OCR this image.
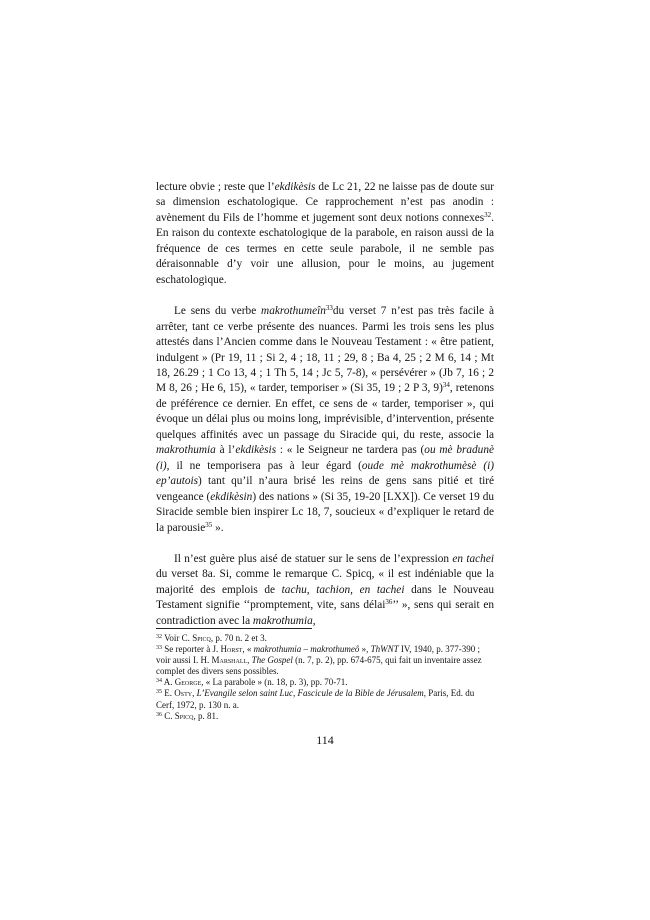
lecture obvie ; reste que l’ekdikèsis de Lc 21, 22 ne laisse pas de doute sur sa dimension eschatologique. Ce rapprochement n’est pas anodin : avènement du Fils de l’homme et jugement sont deux notions connexes$^{32}$. En raison du contexte eschatologique de la parabole, en raison aussi de la fréquence de ces termes en cette seule parabole, il ne semble pas déraisonnable d’y voir une allusion, pour le moins, au jugement eschatologique.

Le sens du verbe makrothumeîn$^{33}$du verset 7 n’est pas très facile à arrêter, tant ce verbe présente des nuances. Parmi les trois sens les plus attestés dans l’Ancien comme dans le Nouveau Testament : « être patient, indulgent » (Pr 19, 11 ; Si 2, 4 ; 18, 11 ; 29, 8 ; Ba 4, 25 ; 2 M 6, 14 ; Mt 18, 26.29 ; 1 Co 13, 4 ; 1 Th 5, 14 ; Jc 5, 7-8), « persévérer » (Jb 7, 16 ; 2 M 8, 26 ; He 6, 15), « tarder, temporiser » (Si 35, 19 ; 2 P 3, 9)$^{34}$, retenons de préférence ce dernier. En effet, ce sens de « tarder, temporiser », qui évoque un délai plus ou moins long, imprévisible, d’intervention, présente quelques affinités avec un passage du Siracide qui, du reste, associe la makrothumia à l’ekdikèsis : « le Seigneur ne tardera pas (ou mè bradunè (i), il ne temporisera pas à leur égard (oude mè makrothumèsè (i) ep’autois) tant qu’il n’aura brisé les reins de gens sans pitié et tiré vengeance (ekdikèsin) des nations » (Si 35, 19-20 [LXX]). Ce verset 19 du Siracide semble bien inspirer Lc 18, 7, soucieux « d’expliquer le retard de la parousie$^{35}$ ».

Il n’est guère plus aisé de statuer sur le sens de l’expression en tachei du verset 8a. Si, comme le remarque C. Spicq, « il est indéniable que la majorité des emplois de tachu, tachion, en tachei dans le Nouveau Testament signifie ‘‘promptement, vite, sans délai$^{36}$’’ », sens qui serait en contradiction avec la makrothumia,

$^{32}$ Voir C. Spicq, p. 70 n. 2 et 3.

$^{33}$ Se reporter à J. Horst, « makrothumia – makrothumeô », ThWNT IV, 1940, p. 377-390 ; voir aussi I. H. Marshall, The Gospel (n. 7, p. 2), pp. 674-675, qui fait un inventaire assez complet des divers sens possibles.

$^{34}$ A. George, « La parabole » (n. 18, p. 3), pp. 70-71.

$^{35}$ E. Osty, L’Evangile selon saint Luc, Fascicule de la Bible de Jérusalem, Paris, Ed. du Cerf, 1972, p. 130 n. a.

$^{36}$ C. Spicq, p. 81.

114
